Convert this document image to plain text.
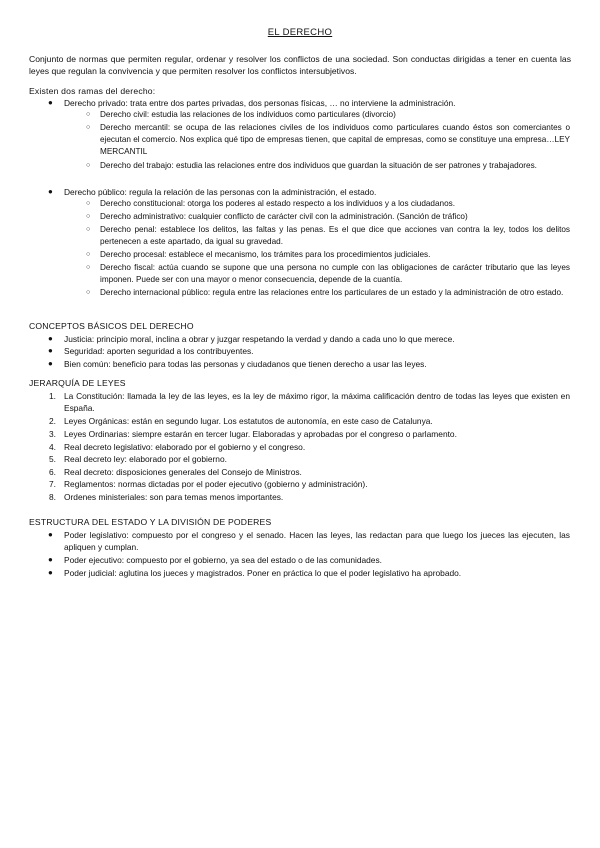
EL DERECHO
Conjunto de normas que permiten regular, ordenar y resolver los conflictos de una sociedad. Son conductas dirigidas a tener en cuenta las leyes que regulan la convivencia y que permiten resolver los conflictos intersubjetivos.
Existen dos ramas del derecho:
● Derecho privado: trata entre dos partes privadas, dos personas físicas, … no interviene la administración.
○ Derecho civil: estudia las relaciones de los individuos como particulares (divorcio)
○ Derecho mercantil: se ocupa de las relaciones civiles de los individuos como particulares cuando éstos son comerciantes o ejecutan el comercio. Nos explica qué tipo de empresas tienen, que capital de empresas, como se constituye una empresa…LEY MERCANTIL
○ Derecho del trabajo: estudia las relaciones entre dos individuos que guardan la situación de ser patrones y trabajadores.
● Derecho público: regula la relación de las personas con la administración, el estado.
○ Derecho constitucional: otorga los poderes al estado respecto a los individuos y a los ciudadanos.
○ Derecho administrativo: cualquier conflicto de carácter civil con la administración. (Sanción de tráfico)
○ Derecho penal: establece los delitos, las faltas y las penas. Es el que dice que acciones van contra la ley, todos los delitos pertenecen a este apartado, da igual su gravedad.
○ Derecho procesal: establece el mecanismo, los trámites para los procedimientos judiciales.
○ Derecho fiscal: actúa cuando se supone que una persona no cumple con las obligaciones de carácter tributario que las leyes imponen. Puede ser con una mayor o menor consecuencia, depende de la cuantía.
○ Derecho internacional público: regula entre las relaciones entre los particulares de un estado y la administración de otro estado.
CONCEPTOS BÁSICOS DEL DERECHO
● Justicia: principio moral, inclina a obrar y juzgar respetando la verdad y dando a cada uno lo que merece.
● Seguridad: aporten seguridad a los contribuyentes.
● Bien común: beneficio para todas las personas y ciudadanos que tienen derecho a usar las leyes.
JERARQUÍA DE LEYES
1. La Constitución: llamada la ley de las leyes, es la ley de máximo rigor, la máxima calificación dentro de todas las leyes que existen en España.
2. Leyes Orgánicas: están en segundo lugar. Los estatutos de autonomía, en este caso de Catalunya.
3. Leyes Ordinarias: siempre estarán en tercer lugar. Elaboradas y aprobadas por el congreso o parlamento.
4. Real decreto legislativo: elaborado por el gobierno y el congreso.
5. Real decreto ley: elaborado por el gobierno.
6. Real decreto: disposiciones generales del Consejo de Ministros.
7. Reglamentos: normas dictadas por el poder ejecutivo (gobierno y administración).
8. Ordenes ministeriales: son para temas menos importantes.
ESTRUCTURA DEL ESTADO Y LA DIVISIÓN DE PODERES
● Poder legislativo: compuesto por el congreso y el senado. Hacen las leyes, las redactan para que luego los jueces las ejecuten, las apliquen y cumplan.
● Poder ejecutivo: compuesto por el gobierno, ya sea del estado o de las comunidades.
● Poder judicial: aglutina los jueces y magistrados. Poner en práctica lo que el poder legislativo ha aprobado.
